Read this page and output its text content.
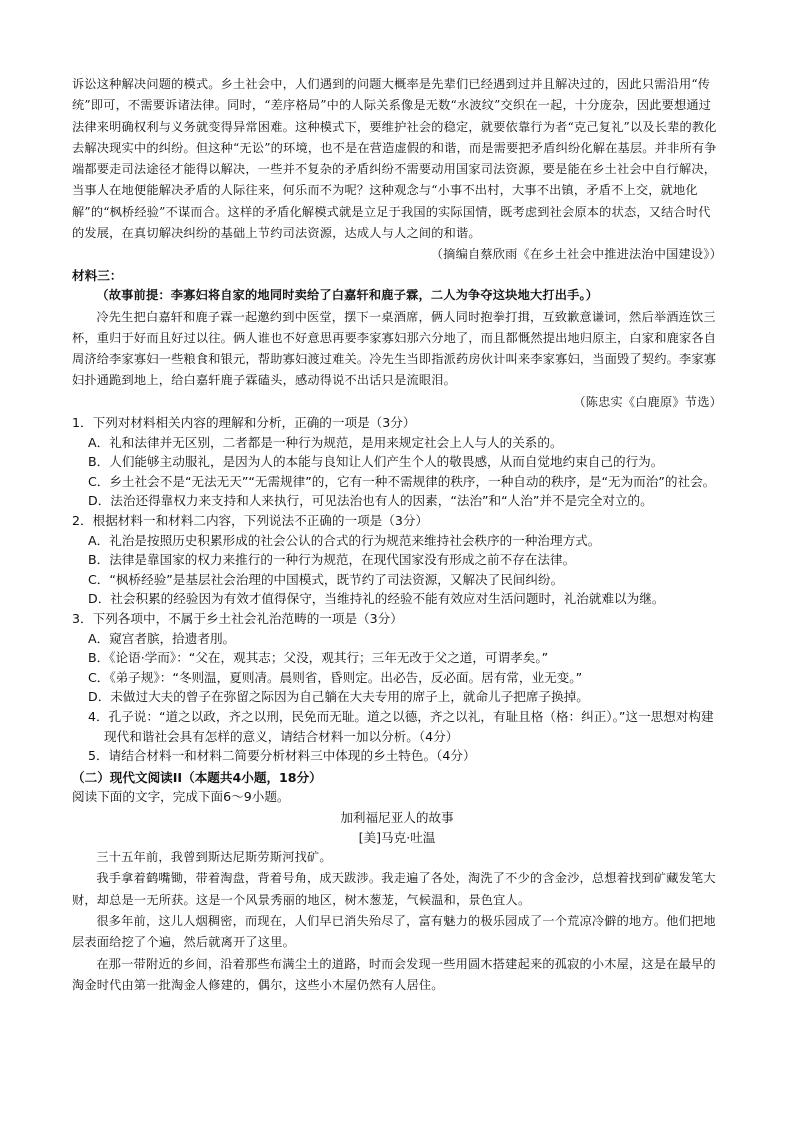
诉讼这种解决问题的模式。乡土社会中，人们遇到的问题大概率是先辈们已经遇到过并且解决过的，因此只需沿用“传统”即可，不需要诉诸法律。同时，“差序格局”中的人际关系像是无数“水波纹”交织在一起，十分庞杂，因此要想通过法律来明确权利与义务就变得异常困难。这种模式下，要维护社会的稳定，就要依靠行为者“克己复礼”以及长辈的教化去解决现实中的纠纷。但这种“无讼”的环境，也不是在营造虚假的和谐，而是需要把矛盾纠纷化解在基层。并非所有争端都要走司法途径才能得以解决，一些并不复杂的矛盾纠纷不需要动用国家司法资源，要是能在乡土社会中自行解决，当事人在地便能解决矛盾的人际往来，何乐而不为呢？这种观念与“小事不出村，大事不出镇，矛盾不上交，就地化解”的“枫桥经验”不谋而合。这样的矛盾化解模式就是立足于我国的实际国情，既考虑到社会原本的状态，又结合时代的发展，在真切解决纠纷的基础上节约司法资源，达成人与人之间的和谐。

（摘编自蔡欣雨《在乡土社会中推进法治中国建设》）

材料三：

（故事前提：李寡妇将自家的地同时卖给了白嘉轩和鹿子霖，二人为争夺这块地大打出手。）

冷先生把白嘉轩和鹿子霖一起邀约到中医堂，摆下一桌酒席，俩人同时抱拳打揖，互致歉意谦词，然后举酒连饮三杯，重归于好而且好过以往。俩人谁也不好意思再要李家寡妇那六分地了，而且都慨然提出地归原主，白家和鹿家各自周济给李家寡妇一些粮食和银元，帮助寡妇渡过难关。冷先生当即指派药房伙计叫来李家寡妇，当面毁了契约。李家寡妇扑通跪到地上，给白嘉轩鹿子霖磕头，感动得说不出话只是流眼泪。

（陈忠实《白鹿原》节选）

1．下列对材料相关内容的理解和分析，正确的一项是（3分）

A．礼和法律并无区别，二者都是一种行为规范，是用来规定社会上人与人的关系的。

B．人们能够主动服礼，是因为人的本能与良知让人们产生个人的敬畏感，从而自觉地约束自己的行为。

C．乡土社会不是“无法无天”“无需规律”的，它有一种不需规律的秩序，一种自动的秩序，是“无为而治”的社会。

D．法治还得靠权力来支持和人来执行，可见法治也有人的因素，“法治”和“人治”并不是完全对立的。

2．根据材料一和材料二内容，下列说法不正确的一项是（3分）

A．礼治是按照历史积累形成的社会公认的合式的行为规范来维持社会秩序的一种治理方式。

B．法律是靠国家的权力来推行的一种行为规范，在现代国家没有形成之前不存在法律。

C．“枫桥经验”是基层社会治理的中国模式，既节约了司法资源，又解决了民间纠纷。

D．社会积累的经验因为有效才值得保守，当维持礼的经验不能有效应对生活问题时，礼治就难以为继。

3．下列各项中，不属于乡土社会礼治范畴的一项是（3分）

A．窥宫者膑，拾遗者刖。

B．《论语·学而》：“父在，观其志；父没，观其行；三年无改于父之道，可谓孝矣。”

C．《弟子规》：“冬则温，夏则凊。晨则省，昏则定。出必告，反必面。居有常，业无变。”

D．未做过大夫的曾子在弥留之际因为自己躺在大夫专用的席子上，就命儿子把席子换掉。

4．孔子说：“道之以政，齐之以刑，民免而无耻。道之以德，齐之以礼，有耻且格（格：纠正）。”这一思想对构建现代和谐社会具有怎样的意义，请结合材料一加以分析。（4分）

5．请结合材料一和材料二简要分析材料三中体现的乡土特色。（4分）

（二）现代文阅读II（本题共4小题，18分）

阅读下面的文字，完成下面6～9小题。

加利福尼亚人的故事

[美]马克·吐温

三十五年前，我曾到斯达尼斯劳斯河找矿。

我手拿着鹤嘴锄，带着淘盘，背着号角，成天跋涉。我走遍了各处，淘洗了不少的含金沙，总想着找到矿藏发笔大财，却总是一无所获。这是一个风景秀丽的地区，树木葱茏，气候温和，景色宜人。

很多年前，这儿人烟稠密，而现在，人们早已消失殆尽了，富有魅力的极乐园成了一个荒凉冷僻的地方。他们把地层表面给挖了个遍，然后就离开了这里。

在那一带附近的乡间，沿着那些布满尘土的道路，时而会发现一些用圆木搭建起来的孤寂的小木屋，这是在最早的淘金时代由第一批淘金人修建的，偶尔，这些小木屋仍然有人居住。
